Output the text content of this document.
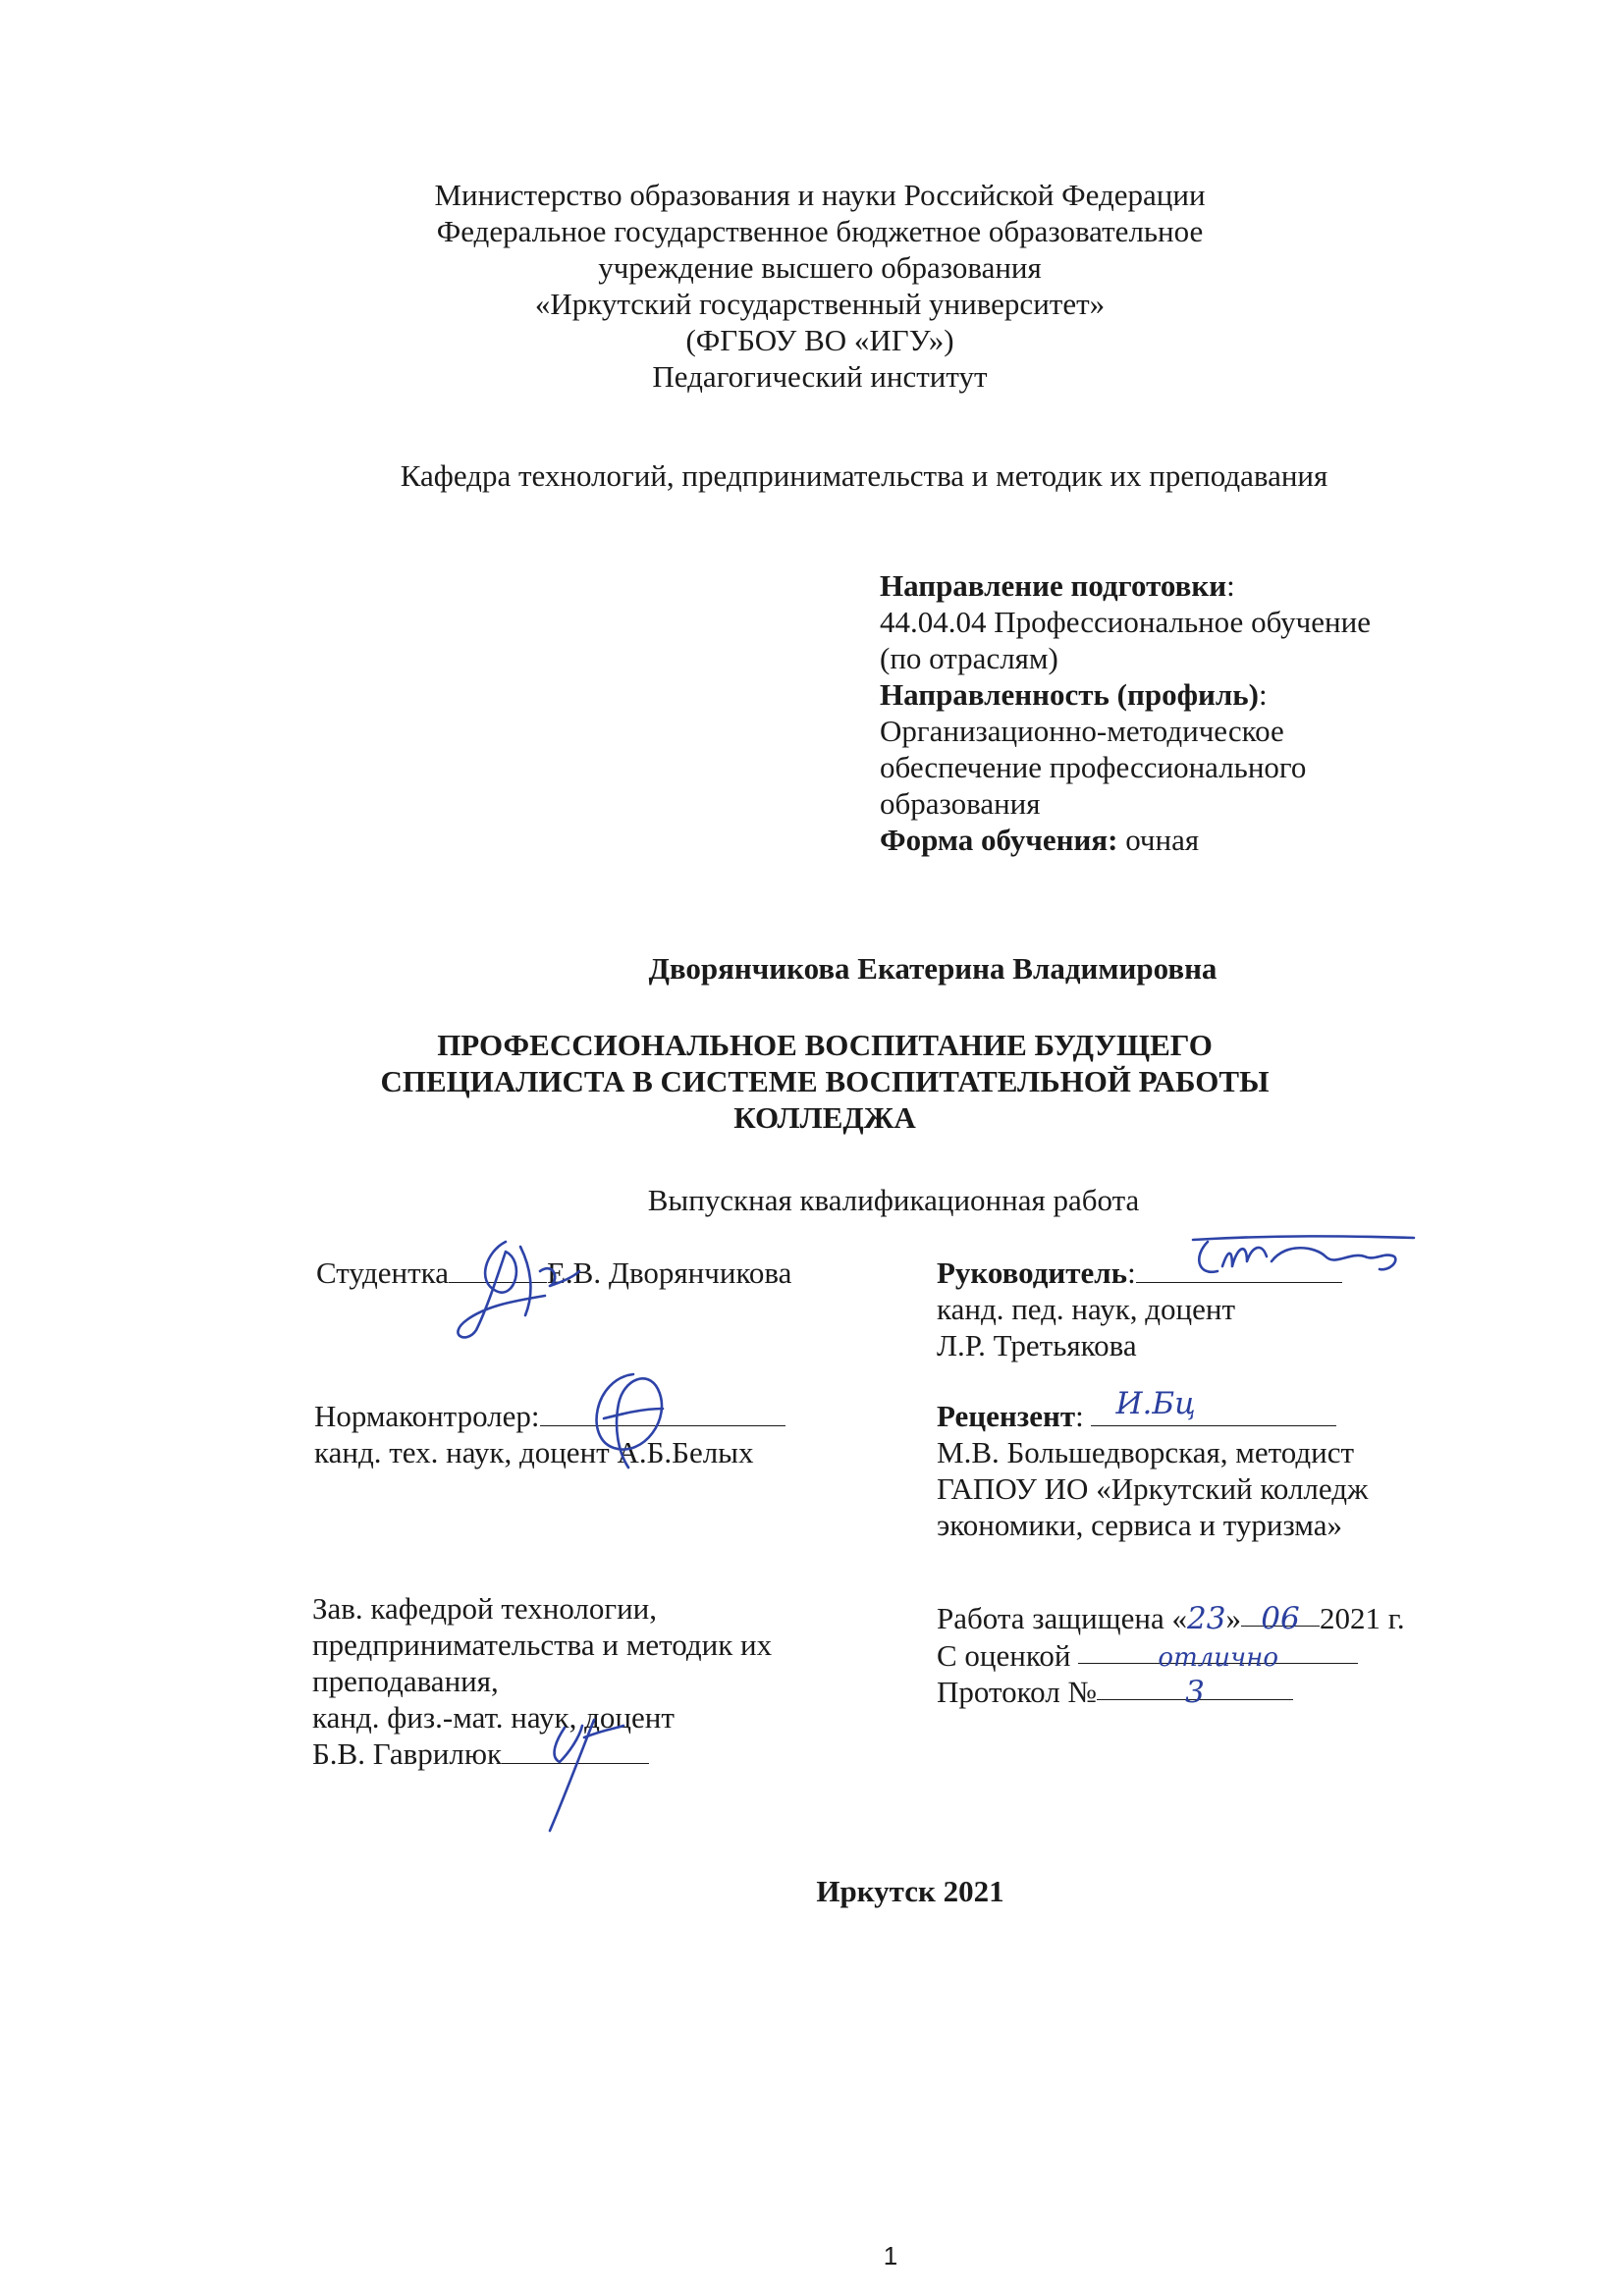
Министерство образования и науки Российской Федерации
Федеральное государственное бюджетное образовательное
учреждение высшего образования
«Иркутский государственный университет»
(ФГБОУ ВО «ИГУ»)
Педагогический институт
Кафедра технологий, предпринимательства и методик их преподавания
Направление подготовки:
44.04.04 Профессиональное обучение
(по отраслям)
Направленность (профиль):
Организационно-методическое
обеспечение профессионального
образования
Форма обучения: очная
Дворянчикова Екатерина Владимировна
ПРОФЕССИОНАЛЬНОЕ ВОСПИТАНИЕ БУДУЩЕГО
СПЕЦИАЛИСТА В СИСТЕМЕ ВОСПИТАТЕЛЬНОЙ РАБОТЫ
КОЛЛЕДЖА
Выпускная квалификационная работа
Студентка	Е.В. Дворянчикова	Руководитель:
канд. пед. наук, доцент
Л.Р. Третьякова
Нормаконтролер:
канд. тех. наук, доцент А.Б.Белых
Рецензент: И.Бц
М.В. Большедворская, методист
ГАПОУ ИО «Иркутский колледж
экономики, сервиса и туризма»
Зав. кафедрой технологии,
предпринимательства и методик их
преподавания,
канд. физ.-мат. наук, доцент
Б.В. Гаврилюк
Работа защищена «23» 06 2021 г.
С оценкой	отлично
Протокол №	3
Иркутск 2021
1
